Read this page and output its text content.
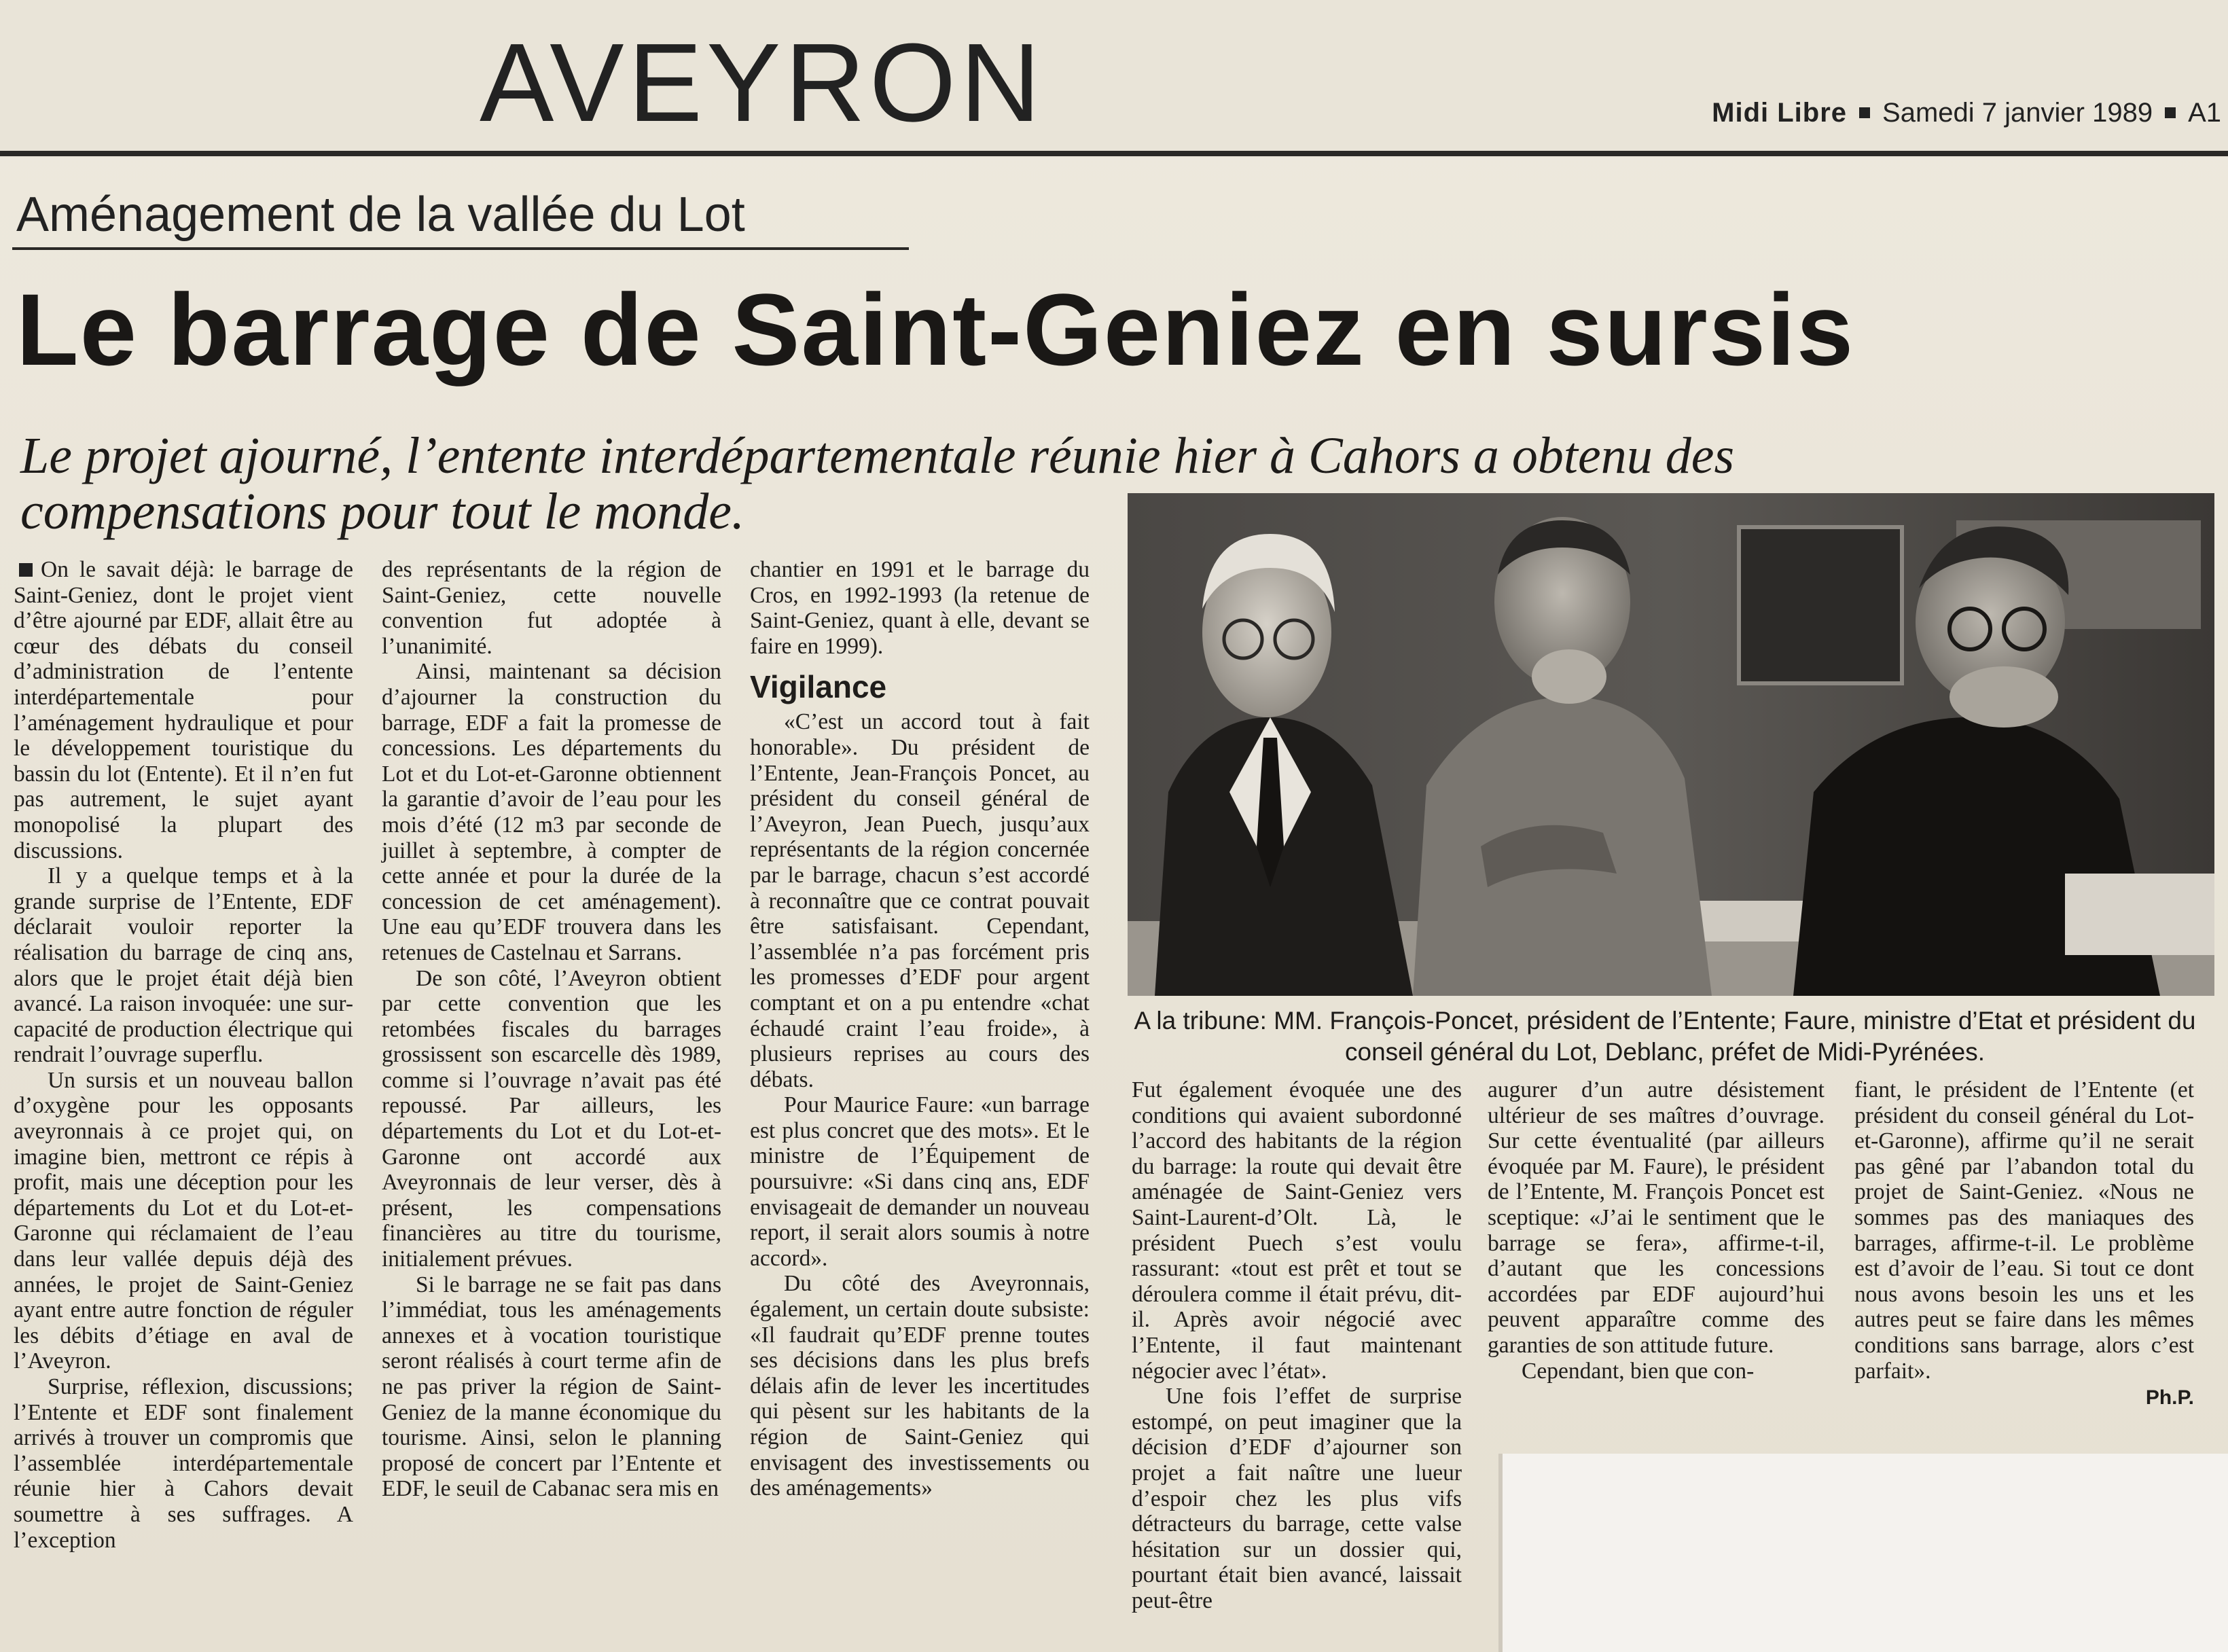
AVEYRON	Midi Libre Samedi 7 janvier 1989 A1
Aménagement de la vallée du Lot
Le barrage de Saint-Geniez en sursis
Le projet ajourné, l’entente interdépartementale réunie hier à Cahors a obtenu des compensations pour tout le monde.

On le savait déjà: le barrage de Saint-Geniez, dont le projet vient d’être ajourné par EDF, allait être au cœur des débats du conseil d’administration de l’entente interdépartementale pour l’aménagement hydraulique et pour le développement touristique du bassin du lot (Entente). Et il n’en fut pas autrement, le sujet ayant monopolisé la plupart des discussions.

Il y a quelque temps et à la grande surprise de l’Entente, EDF déclarait vouloir reporter la réalisation du barrage de cinq ans, alors que le projet était déjà bien avancé. La raison invoquée: une sur-capacité de production électrique qui rendrait l’ouvrage superflu.

Un sursis et un nouveau ballon d’oxygène pour les opposants aveyronnais à ce projet qui, on imagine bien, mettront ce répis à profit, mais une déception pour les départements du Lot et du Lot-et-Garonne qui réclamaient de l’eau dans leur vallée depuis déjà des années, le projet de Saint-Geniez ayant entre autre fonction de réguler les débits d’étiage en aval de l’Aveyron.

Surprise, réflexion, discussions; l’Entente et EDF sont finalement arrivés à trouver un compromis que l’assemblée interdépartementale réunie hier à Cahors devait soumettre à ses suffrages. A l’exception

des représentants de la région de Saint-Geniez, cette nouvelle convention fut adoptée à l’unanimité.

Ainsi, maintenant sa décision d’ajourner la construction du barrage, EDF a fait la promesse de concessions. Les départements du Lot et du Lot-et-Garonne obtiennent la garantie d’avoir de l’eau pour les mois d’été (12 m3 par seconde de juillet à septembre, à compter de cette année et pour la durée de la concession de cet aménagement). Une eau qu’EDF trouvera dans les retenues de Castelnau et Sarrans.

De son côté, l’Aveyron obtient par cette convention que les retombées fiscales du barrages grossissent son escarcelle dès 1989, comme si l’ouvrage n’avait pas été repoussé. Par ailleurs, les départements du Lot et du Lot-et-Garonne ont accordé aux Aveyronnais de leur verser, dès à présent, les compensations financières au titre du tourisme, initialement prévues.

Si le barrage ne se fait pas dans l’immédiat, tous les aménagements annexes et à vocation touristique seront réalisés à court terme afin de ne pas priver la région de Saint-Geniez de la manne économique du tourisme. Ainsi, selon le planning proposé de concert par l’Entente et EDF, le seuil de Cabanac sera mis en

chantier en 1991 et le barrage du Cros, en 1992-1993 (la retenue de Saint-Geniez, quant à elle, devant se faire en 1999).

Vigilance

«C’est un accord tout à fait honorable». Du président de l’Entente, Jean-François Poncet, au président du conseil général de l’Aveyron, Jean Puech, jusqu’aux représentants de la région concernée par le barrage, chacun s’est accordé à reconnaître que ce contrat pouvait être satisfaisant. Cependant, l’assemblée n’a pas forcément pris les promesses d’EDF pour argent comptant et on a pu entendre «chat échaudé craint l’eau froide», à plusieurs reprises au cours des débats.

Pour Maurice Faure: «un barrage est plus concret que des mots». Et le ministre de l’Équipement de poursuivre: «Si dans cinq ans, EDF envisageait de demander un nouveau report, il serait alors soumis à notre accord».

Du côté des Aveyronnais, également, un certain doute subsiste: «Il faudrait qu’EDF prenne toutes ses décisions dans les plus brefs délais afin de lever les incertitudes qui pèsent sur les habitants de la région de Saint-Geniez qui envisagent des investissements ou des aménagements»

A la tribune: MM. François-Poncet, président de l’Entente; Faure, ministre d’Etat et président du conseil général du Lot, Deblanc, préfet de Midi-Pyrénées.

Fut également évoquée une des conditions qui avaient subordonné l’accord des habitants de la région du barrage: la route qui devait être aménagée de Saint-Geniez vers Saint-Laurent-d’Olt. Là, le président Puech s’est voulu rassurant: «tout est prêt et tout se déroulera comme il était prévu, dit-il. Après avoir négocié avec l’Entente, il faut maintenant négocier avec l’état».

Une fois l’effet de surprise estompé, on peut imaginer que la décision d’EDF d’ajourner son projet a fait naître une lueur d’espoir chez les plus vifs détracteurs du barrage, cette valse hésitation sur un dossier qui, pourtant était bien avancé, laissait peut-être

augurer d’un autre désistement ultérieur de ses maîtres d’ouvrage. Sur cette éventualité (par ailleurs évoquée par M. Faure), le président de l’Entente, M. François Poncet est sceptique: «J’ai le sentiment que le barrage se fera», affirme-t-il, d’autant que les concessions accordées par EDF aujourd’hui peuvent apparaître comme des garanties de son attitude future.

Cependant, bien que con-

fiant, le président de l’Entente (et président du conseil général du Lot-et-Garonne), affirme qu’il ne serait pas gêné par l’abandon total du projet de Saint-Geniez. «Nous ne sommes pas des maniaques des barrages, affirme-t-il. Le problème est d’avoir de l’eau. Si tout ce dont nous avons besoin les uns et les autres peut se faire dans les mêmes conditions sans barrage, alors c’est parfait».

Ph.P.
